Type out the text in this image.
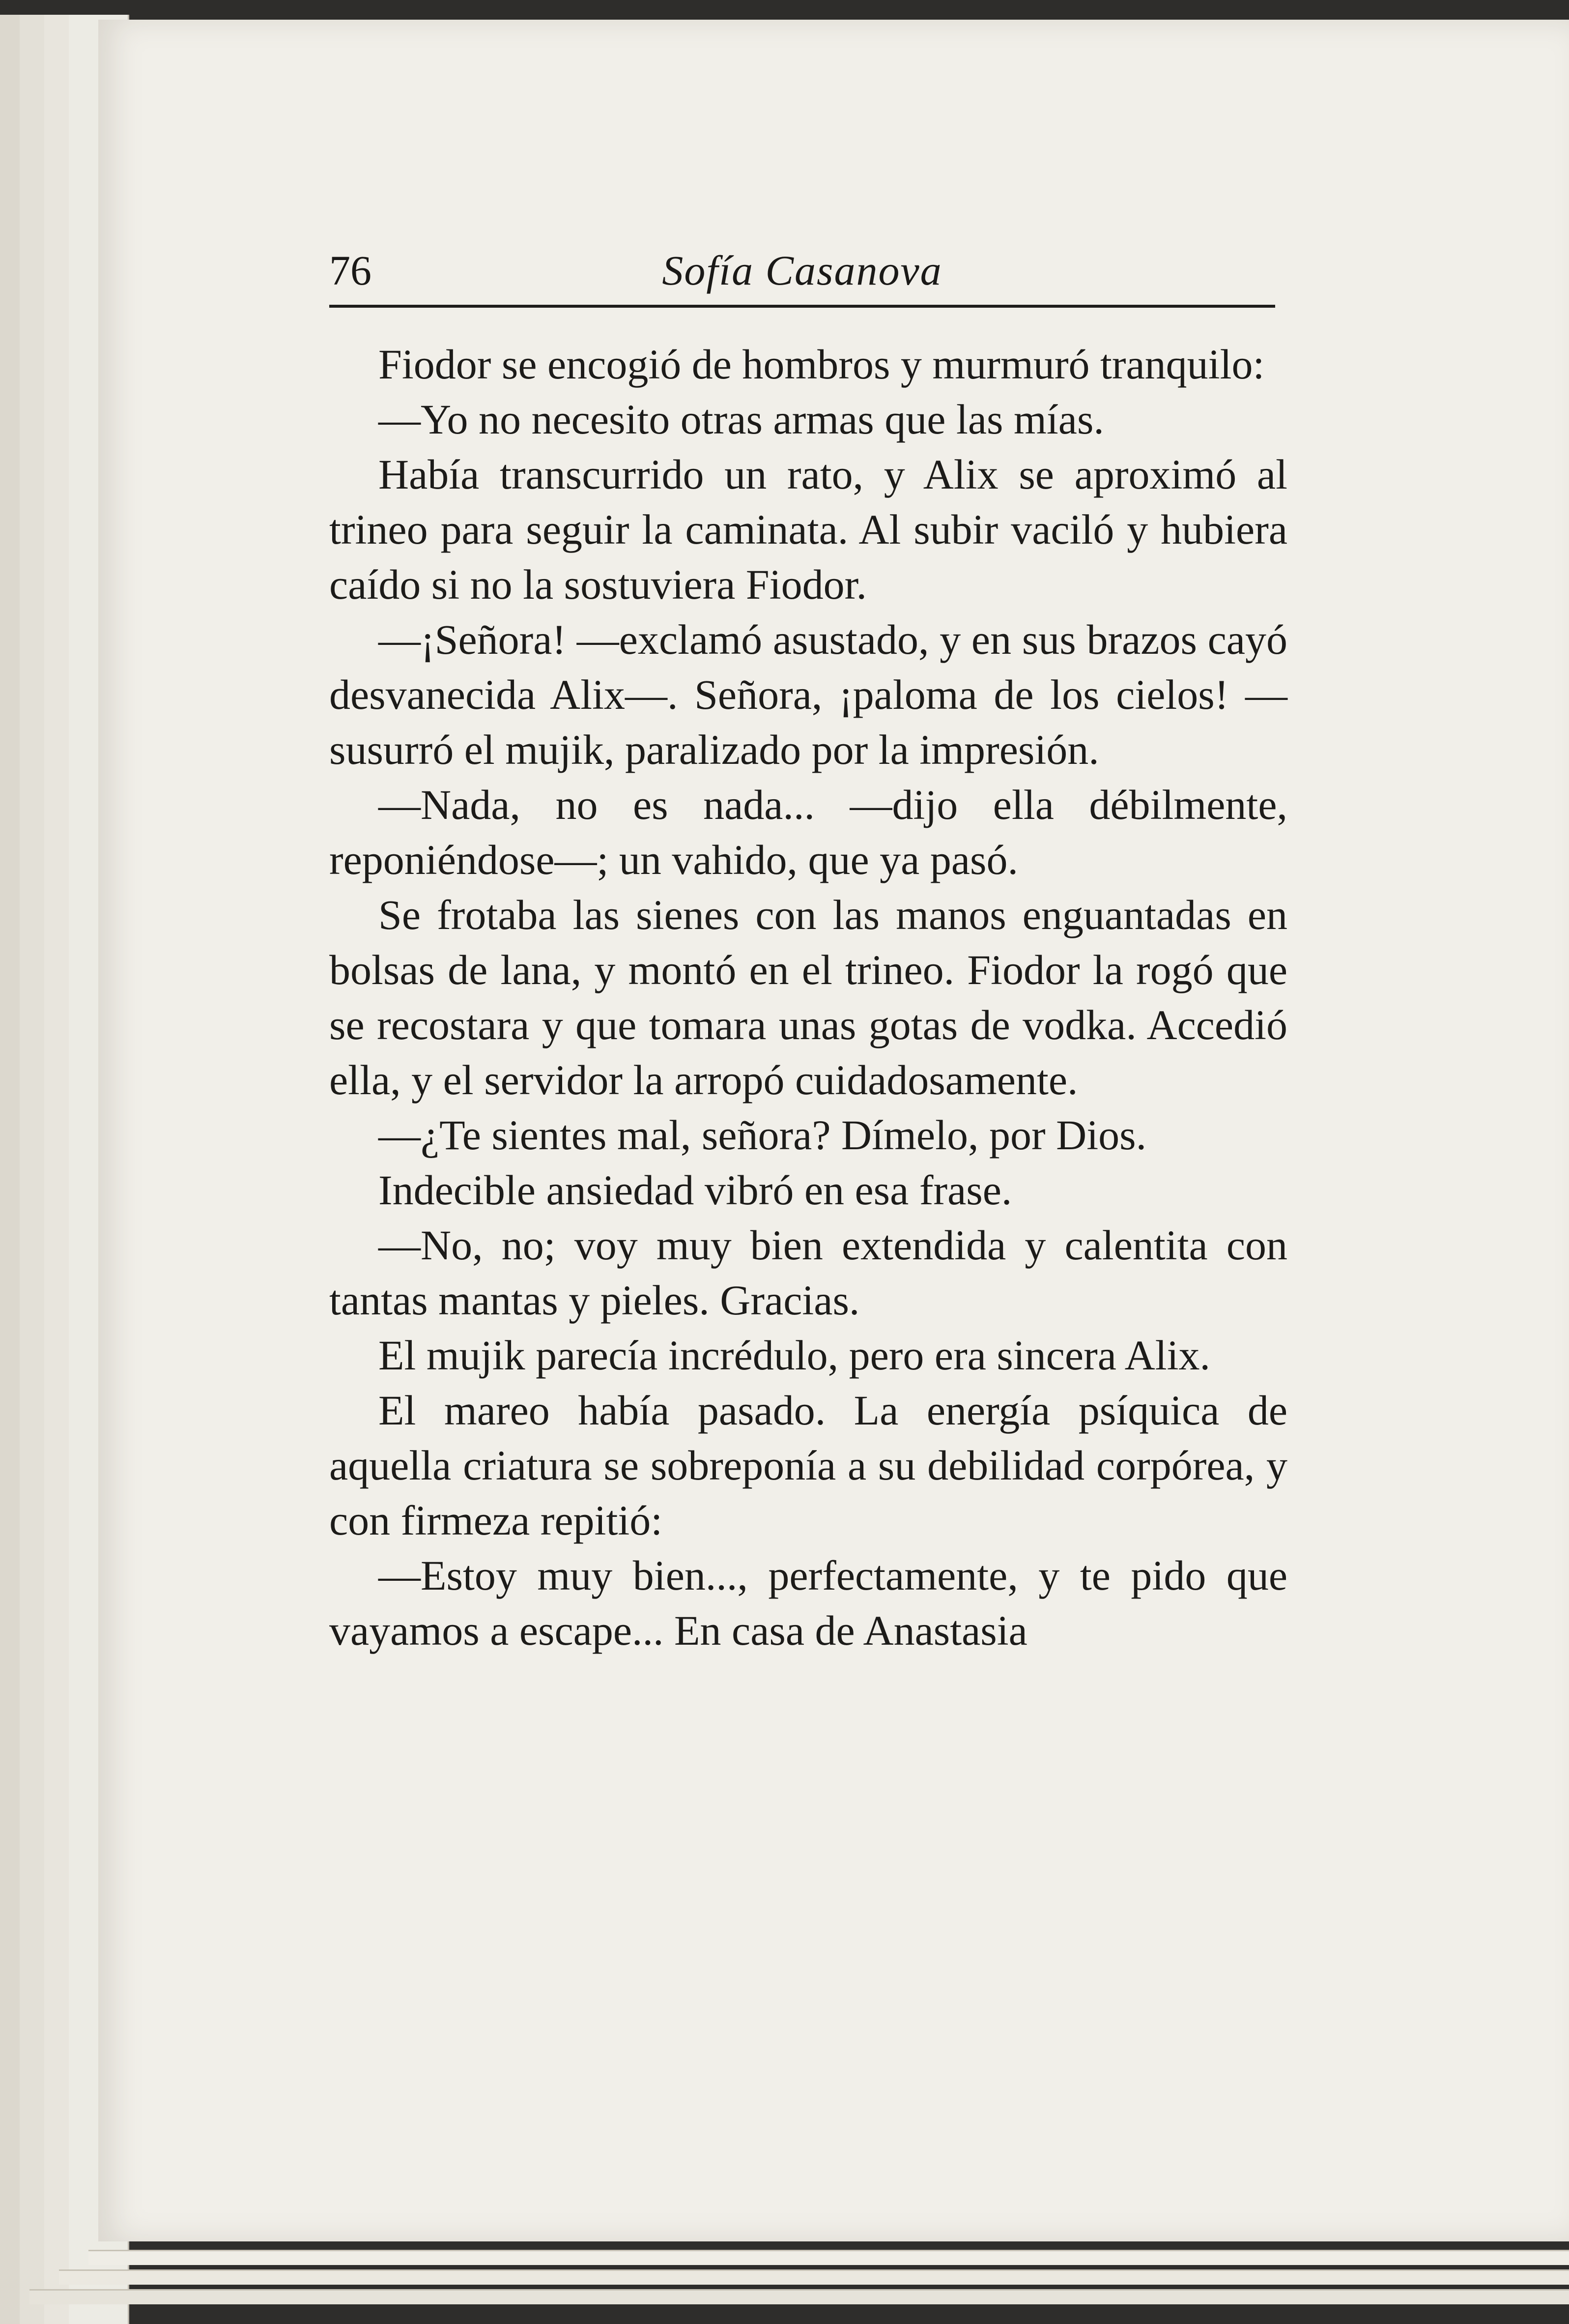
76	Sofía Casanova

Fiodor se encogió de hombros y murmuró tranquilo:

—Yo no necesito otras armas que las mías.

Había transcurrido un rato, y Alix se aproximó al trineo para seguir la caminata. Al subir vaciló y hubiera caído si no la sostuviera Fiodor.

—¡Señora! —exclamó asustado, y en sus brazos cayó desvanecida Alix—. Señora, ¡paloma de los cielos! —susurró el mujik, paralizado por la impresión.

—Nada, no es nada... —dijo ella débilmente, reponiéndose—; un vahido, que ya pasó.

Se frotaba las sienes con las manos enguantadas en bolsas de lana, y montó en el trineo. Fiodor la rogó que se recostara y que tomara unas gotas de vodka. Accedió ella, y el servidor la arropó cuidadosamente.

—¿Te sientes mal, señora? Dímelo, por Dios.

Indecible ansiedad vibró en esa frase.

—No, no; voy muy bien extendida y calentita con tantas mantas y pieles. Gracias.

El mujik parecía incrédulo, pero era sincera Alix.

El mareo había pasado. La energía psíquica de aquella criatura se sobreponía a su debilidad corpórea, y con firmeza repitió:

—Estoy muy bien..., perfectamente, y te pido que vayamos a escape... En casa de Anastasia
